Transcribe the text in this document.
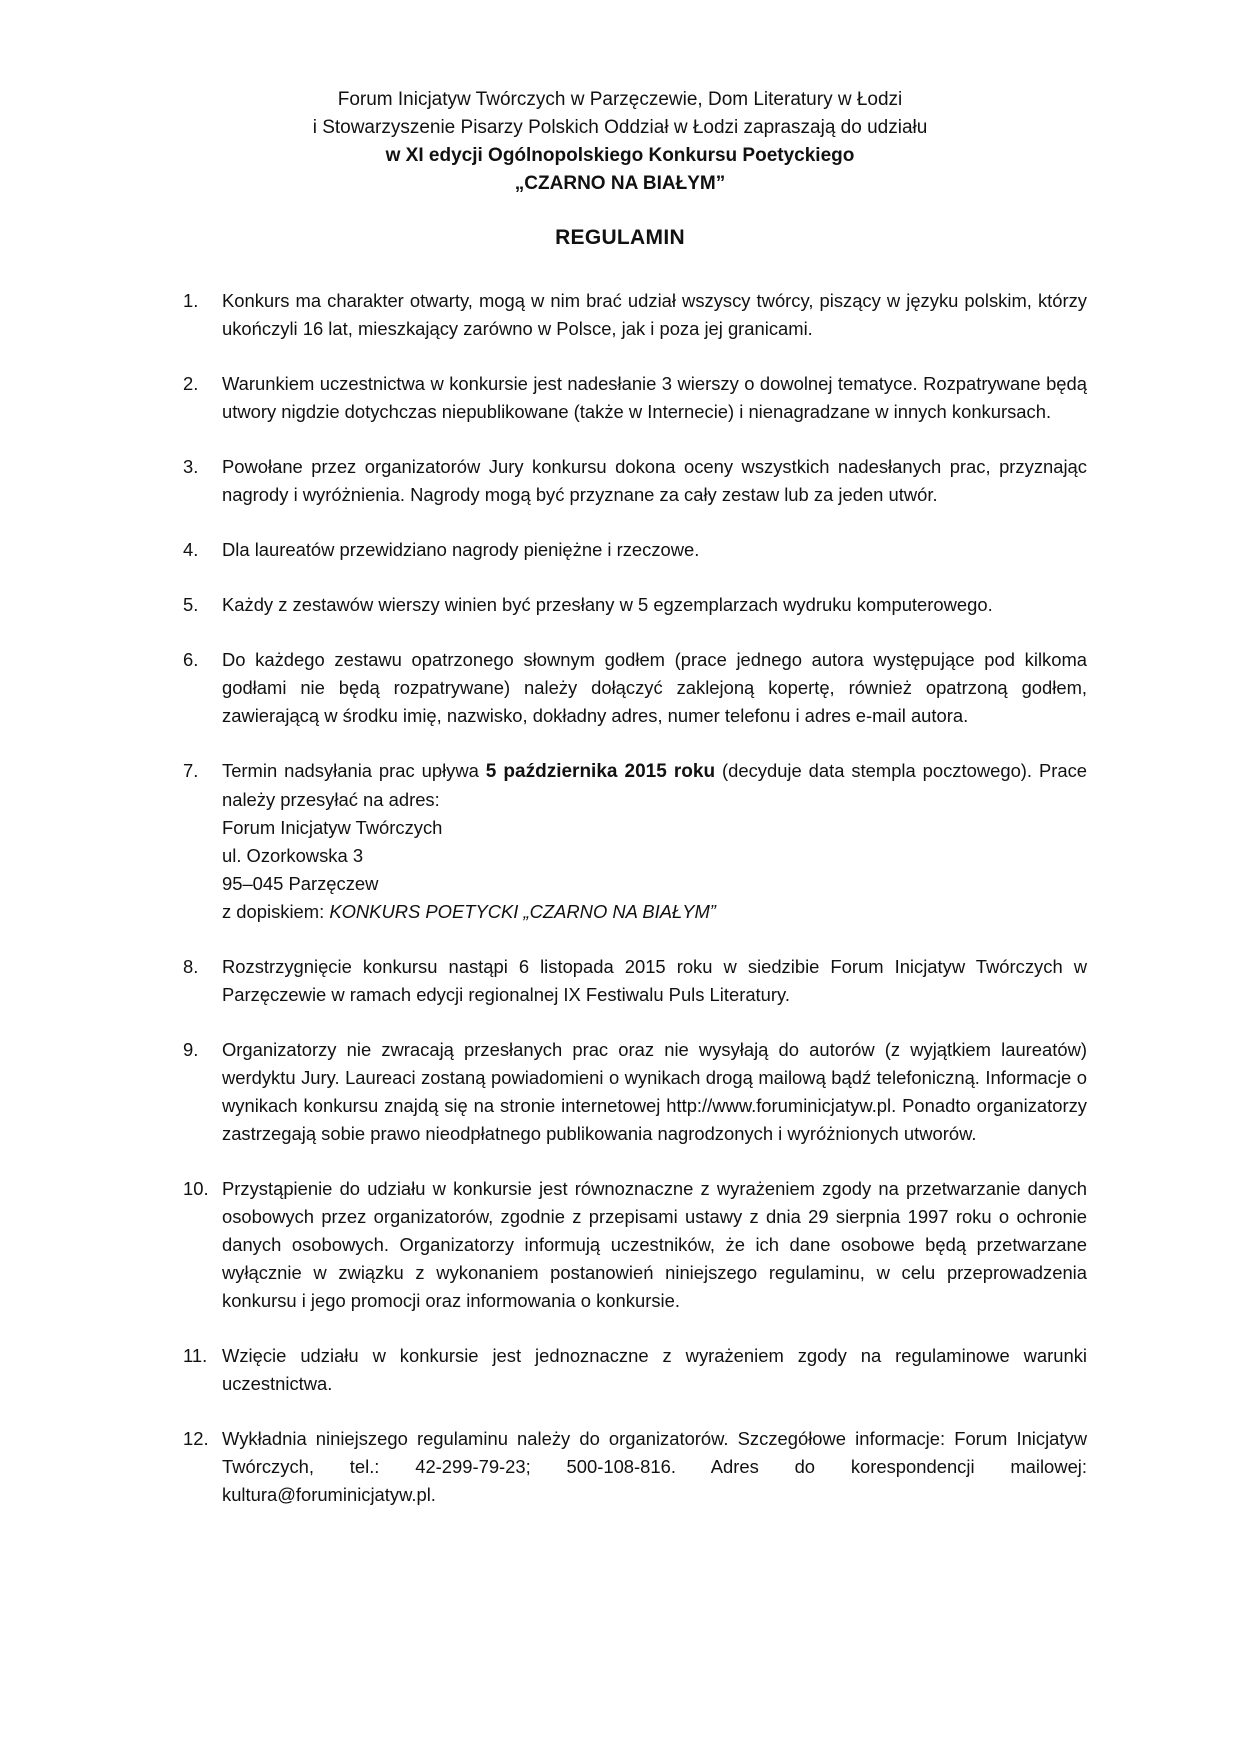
Forum Inicjatyw Twórczych w Parzęczewie, Dom Literatury w Łodzi
i Stowarzyszenie Pisarzy Polskich Oddział w Łodzi zapraszają do udziału
w XI edycji Ogólnopolskiego Konkursu Poetyckiego
„CZARNO NA BIAŁYM”
REGULAMIN
1. Konkurs ma charakter otwarty, mogą w nim brać udział wszyscy twórcy, piszący w języku polskim, którzy ukończyli 16 lat, mieszkający zarówno w Polsce, jak i poza jej granicami.
2. Warunkiem uczestnictwa w konkursie jest nadesłanie 3 wierszy o dowolnej tematyce. Rozpatrywane będą utwory nigdzie dotychczas niepublikowane (także w Internecie) i nienagradzane w innych konkursach.
3. Powołane przez organizatorów Jury konkursu dokona oceny wszystkich nadesłanych prac, przyznając nagrody i wyróżnienia. Nagrody mogą być przyznane za cały zestaw lub za jeden utwór.
4. Dla laureatów przewidziano nagrody pieniężne i rzeczowe.
5. Każdy z zestawów wierszy winien być przesłany w 5 egzemplarzach wydruku komputerowego.
6. Do każdego zestawu opatrzonego słownym godłem (prace jednego autora występujące pod kilkoma godłami nie będą rozpatrywane) należy dołączyć zaklejoną kopertę, również opatrzoną godłem, zawierającą w środku imię, nazwisko, dokładny adres, numer telefonu i adres e-mail autora.
7. Termin nadsyłania prac upływa 5 października 2015 roku (decyduje data stempla pocztowego). Prace należy przesyłać na adres:
Forum Inicjatyw Twórczych
ul. Ozorkowska 3
95–045 Parzęczew
z dopiskiem: KONKURS POETYCKI „CZARNO NA BIAŁYM”
8. Rozstrzygnięcie konkursu nastąpi 6 listopada 2015 roku w siedzibie Forum Inicjatyw Twórczych w Parzęczewie w ramach edycji regionalnej IX Festiwalu Puls Literatury.
9. Organizatorzy nie zwracają przesłanych prac oraz nie wysyłają do autorów (z wyjątkiem laureatów) werdyktu Jury. Laureaci zostaną powiadomieni o wynikach drogą mailową bądź telefoniczną. Informacje o wynikach konkursu znajdą się na stronie internetowej http://www.foruminicjatyw.pl. Ponadto organizatorzy zastrzegają sobie prawo nieodpłatnego publikowania nagrodzonych i wyróżnionych utworów.
10. Przystąpienie do udziału w konkursie jest równoznaczne z wyrażeniem zgody na przetwarzanie danych osobowych przez organizatorów, zgodnie z przepisami ustawy z dnia 29 sierpnia 1997 roku o ochronie danych osobowych. Organizatorzy informują uczestników, że ich dane osobowe będą przetwarzane wyłącznie w związku z wykonaniem postanowień niniejszego regulaminu, w celu przeprowadzenia konkursu i jego promocji oraz informowania o konkursie.
11. Wzięcie udziału w konkursie jest jednoznaczne z wyrażeniem zgody na regulaminowe warunki uczestnictwa.
12. Wykładnia niniejszego regulaminu należy do organizatorów. Szczegółowe informacje: Forum Inicjatyw Twórczych, tel.: 42-299-79-23; 500-108-816. Adres do korespondencji mailowej: kultura@foruminicjatyw.pl.
